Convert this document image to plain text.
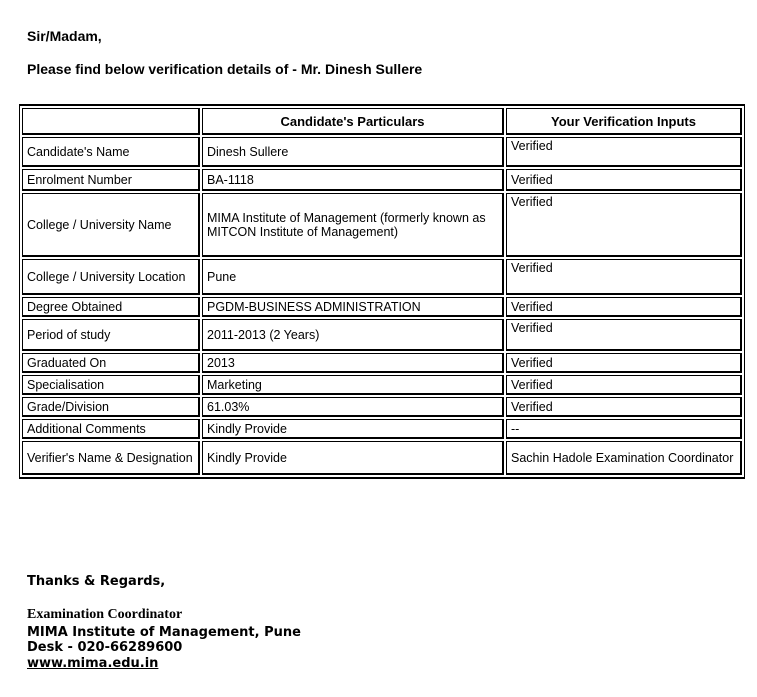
Sir/Madam,
Please find below verification details of - Mr. Dinesh Sullere
	Candidate's Particulars	Your Verification Inputs
Candidate's Name	Dinesh Sullere	Verified
Enrolment Number	BA-1118	Verified
College / University Name	MIMA Institute of Management (formerly known as MITCON Institute of Management)	Verified
College / University Location	Pune	Verified
Degree Obtained	PGDM-BUSINESS ADMINISTRATION	Verified
Period of study	2011-2013 (2 Years)	Verified
Graduated On	2013	Verified
Specialisation	Marketing	Verified
Grade/Division	61.03%	Verified
Additional Comments	Kindly Provide	--
Verifier's Name & Designation	Kindly Provide	Sachin Hadole Examination Coordinator
Thanks & Regards,
Examination Coordinator
MIMA Institute of Management, Pune
Desk - 020-66289600
www.mima.edu.in
